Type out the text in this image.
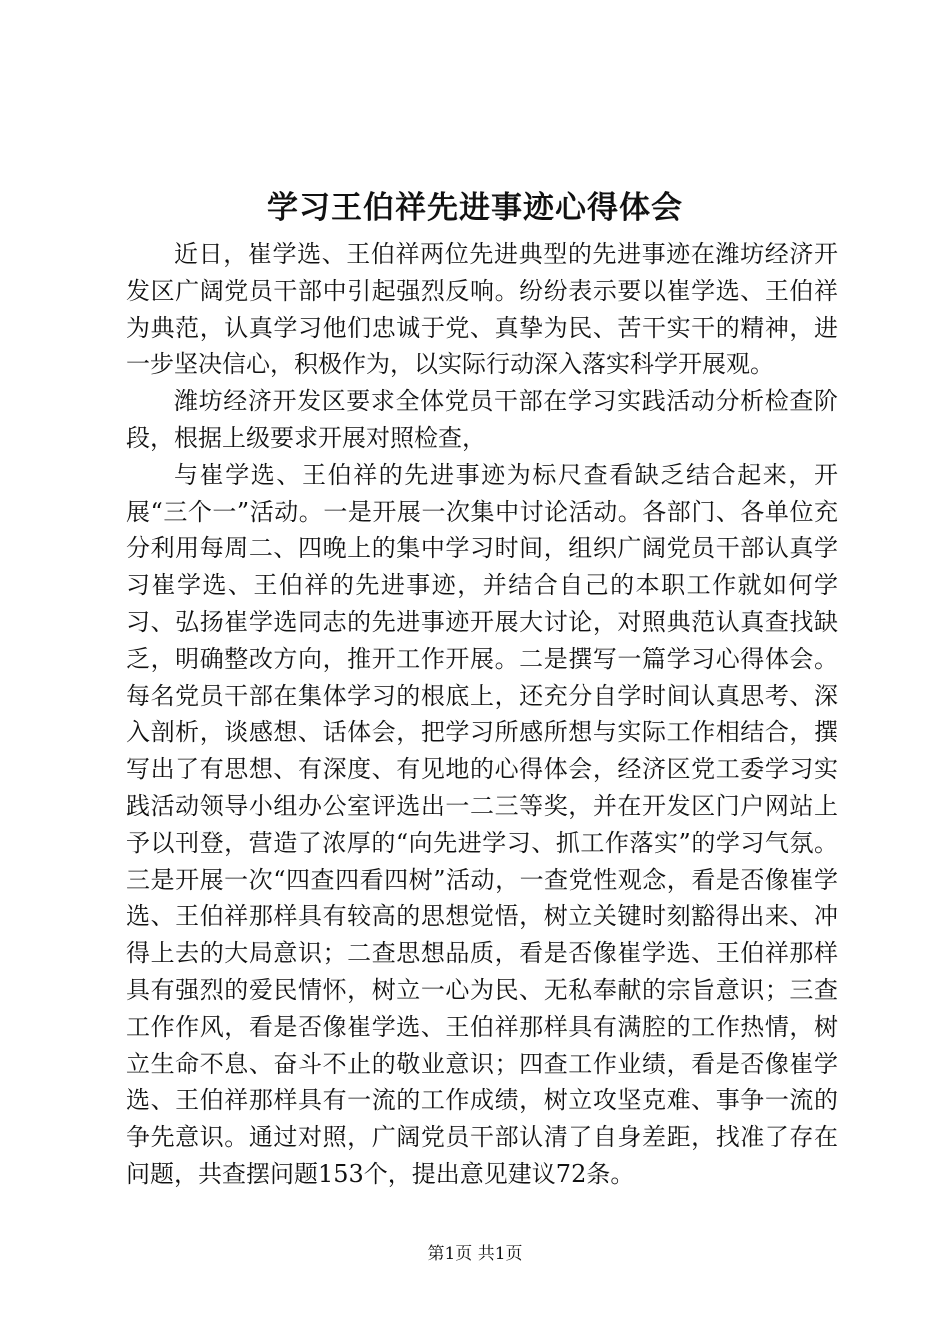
学习王伯祥先进事迹心得体会

近日，崔学选、王伯祥两位先进典型的先进事迹在潍坊经济开发区广阔党员干部中引起强烈反响。纷纷表示要以崔学选、王伯祥为典范，认真学习他们忠诚于党、真挚为民、苦干实干的精神，进一步坚决信心，积极作为，以实际行动深入落实科学开展观。

潍坊经济开发区要求全体党员干部在学习实践活动分析检查阶段，根据上级要求开展对照检查，

与崔学选、王伯祥的先进事迹为标尺查看缺乏结合起来，开展“三个一”活动。一是开展一次集中讨论活动。各部门、各单位充分利用每周二、四晚上的集中学习时间，组织广阔党员干部认真学习崔学选、王伯祥的先进事迹，并结合自己的本职工作就如何学习、弘扬崔学选同志的先进事迹开展大讨论，对照典范认真查找缺乏，明确整改方向，推开工作开展。二是撰写一篇学习心得体会。每名党员干部在集体学习的根底上，还充分自学时间认真思考、深入剖析，谈感想、话体会，把学习所感所想与实际工作相结合，撰写出了有思想、有深度、有见地的心得体会，经济区党工委学习实践活动领导小组办公室评选出一二三等奖，并在开发区门户网站上予以刊登，营造了浓厚的“向先进学习、抓工作落实”的学习气氛。三是开展一次“四查四看四树”活动，一查党性观念，看是否像崔学选、王伯祥那样具有较高的思想觉悟，树立关键时刻豁得出来、冲得上去的大局意识；二查思想品质，看是否像崔学选、王伯祥那样具有强烈的爱民情怀，树立一心为民、无私奉献的宗旨意识；三查工作作风，看是否像崔学选、王伯祥那样具有满腔的工作热情，树立生命不息、奋斗不止的敬业意识；四查工作业绩，看是否像崔学选、王伯祥那样具有一流的工作成绩，树立攻坚克难、事争一流的争先意识。通过对照，广阔党员干部认清了自身差距，找准了存在问题，共查摆问题153个，提出意见建议72条。

第1页 共1页
